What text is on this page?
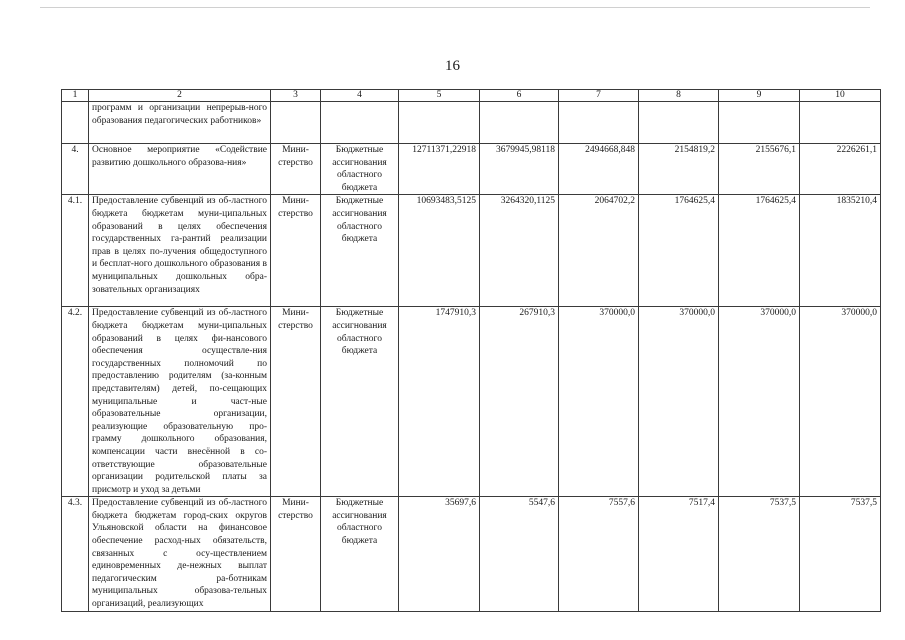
16
1	2	3	4	5	6	7	8	9	10
	программ и организации непрерыв-ного образования педагогических работников»								
4.	Основное мероприятие «Содействие развитию дошкольного образова-ния»	Мини-стерство	Бюджетные ассигнования областного бюджета	12711371,22918	3679945,98118	2494668,848	2154819,2	2155676,1	2226261,1
4.1.	Предоставление субвенций из об-ластного бюджета бюджетам муни-ципальных образований в целях обеспечения государственных га-рантий реализации прав в целях по-лучения общедоступного и бесплат-ного дошкольного образования в муниципальных дошкольных обра-зовательных организациях	Мини-стерство	Бюджетные ассигнования областного бюджета	10693483,5125	3264320,1125	2064702,2	1764625,4	1764625,4	1835210,4
4.2.	Предоставление субвенций из об-ластного бюджета бюджетам муни-ципальных образований в целях фи-нансового обеспечения осуществле-ния государственных полномочий по предоставлению родителям (за-конным представителям) детей, по-сещающих муниципальные и част-ные образовательные организации, реализующие образовательную про-грамму дошкольного образования, компенсации части внесённой в со-ответствующие образовательные организации родительской платы за присмотр и уход за детьми	Мини-стерство	Бюджетные ассигнования областного бюджета	1747910,3	267910,3	370000,0	370000,0	370000,0	370000,0
4.3.	Предоставление субвенций из об-ластного бюджета бюджетам город-ских округов Ульяновской области на финансовое обеспечение расход-ных обязательств, связанных с осу-ществлением единовременных де-нежных выплат педагогическим ра-ботникам муниципальных образова-тельных организаций, реализующих	Мини-стерство	Бюджетные ассигнования областного бюджета	35697,6	5547,6	7557,6	7517,4	7537,5	7537,5
